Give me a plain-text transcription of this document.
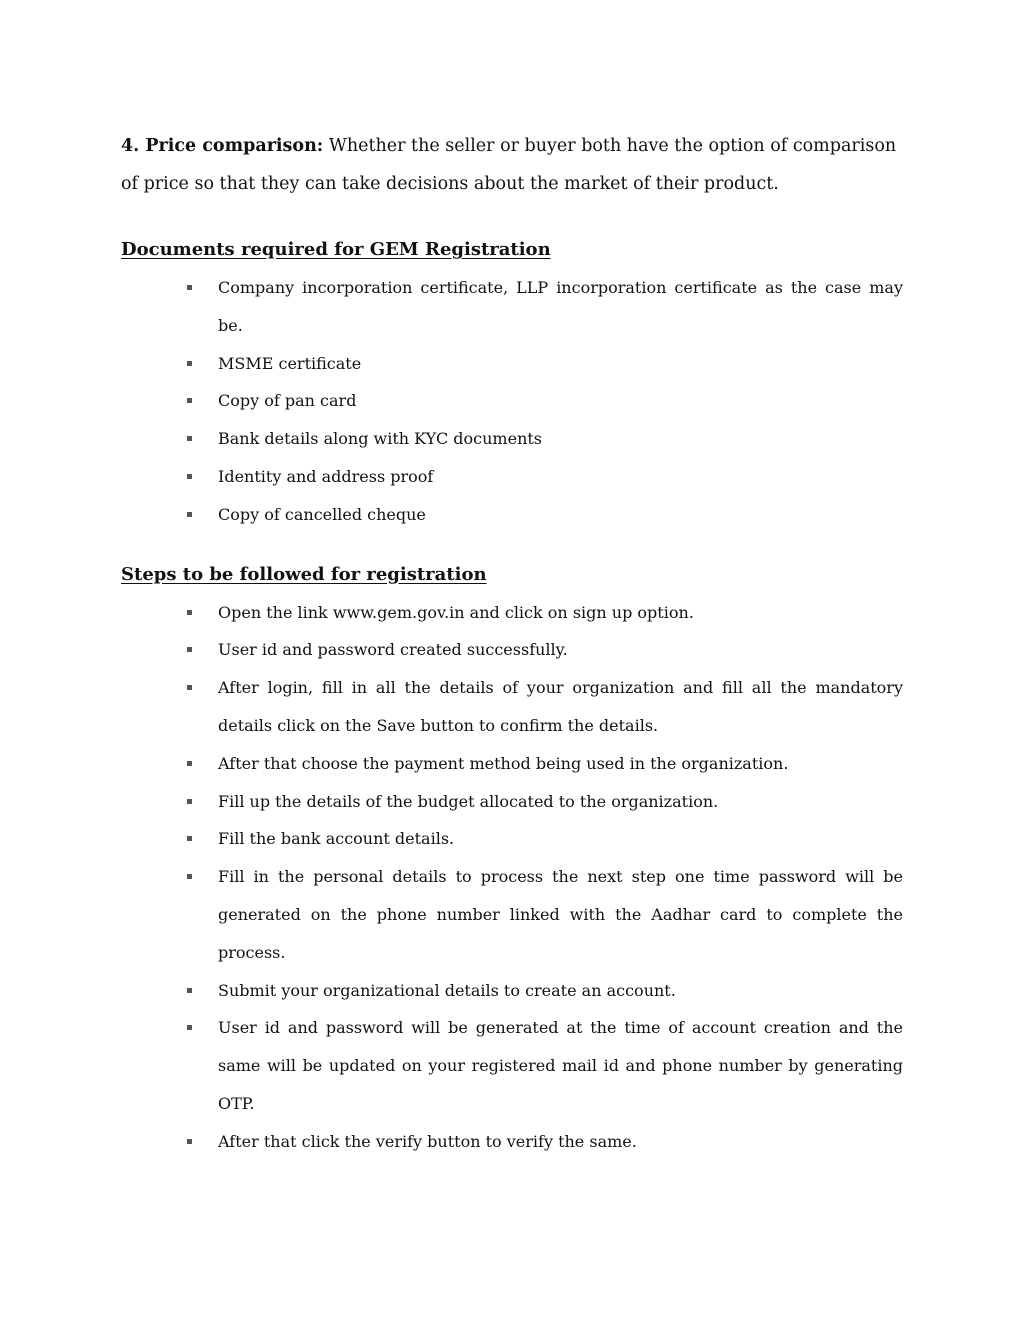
4. Price comparison: Whether the seller or buyer both have the option of comparison of price so that they can take decisions about the market of their product.

Documents required for GEM Registration
Company incorporation certificate, LLP incorporation certificate as the case may be.
MSME certificate
Copy of pan card
Bank details along with KYC documents
Identity and address proof
Copy of cancelled cheque
Steps to be followed for registration
Open the link www.gem.gov.in and click on sign up option.
User id and password created successfully.
After login, fill in all the details of your organization and fill all the mandatory details click on the Save button to confirm the details.
After that choose the payment method being used in the organization.
Fill up the details of the budget allocated to the organization.
Fill the bank account details.
Fill in the personal details to process the next step one time password will be generated on the phone number linked with the Aadhar card to complete the process.
Submit your organizational details to create an account.
User id and password will be generated at the time of account creation and the same will be updated on your registered mail id and phone number by generating OTP.
After that click the verify button to verify the same.
